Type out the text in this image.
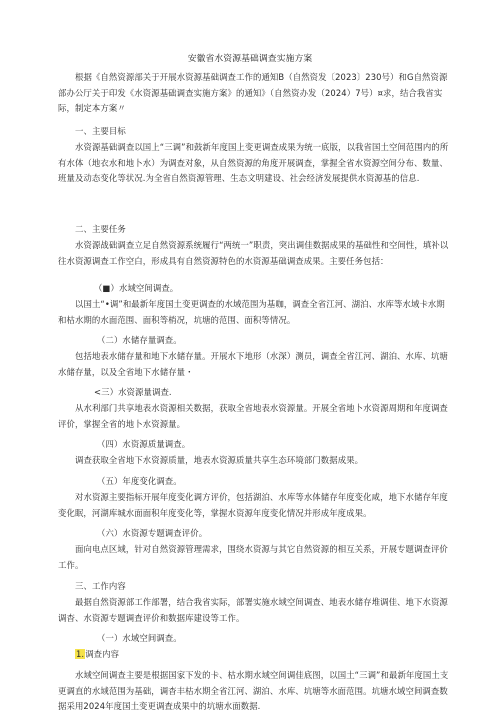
安徽省水资源基础调查实施方案

根据《自然资源部关于开展水资源基础调查工作的通知B（自然资发〔2023〕230号）和G自然资源部办公厅关于印发《水资源基础调查实施方案》的通知》（自然资办发（2024）7号）¤求，结合我省实际，制定本方案〃

一、主要目标

水资源基础调查以国上“三调”和鼓新年度国上变更调查成果为统一底版，以我省国土空间范围内的所有水体（地衣水和地卜水）为调查对象，从自然资源的角度开展调查，掌握全省水资源空间分布、数量、班量及动态变化等状况.为全省自然资源管理、生态文明建设、社会经济发展提供水资源基的信息.

二、主要任务

水资源战础调查立足自然资源系统履行“两统一”职责，突出调佳数据成果的基础性和空间性，填补以往水资源调查工作空白，形成具有自然资源特色的水资源基础调查成果。主要任务包括：

（■）水域空间调查。

以国土“•调”和最新年度国土变更调查的水域范围为基咖，调查全省江河、湖泊、水库等水域卡水期和枯水期的水面范围、面积等梢况，坑塘的范围、面积等情况。

（二）水储存量调查。

包括地表水储存量和地下水储存量。开展水下地形（水深）测员，调查全省江河、湖泊、水库、坑塘水储存量，以及全省地下水储存量・

<三）水资源量调查.

从水利部门共享地表水资源相关数据，获取全省地表水资源量。开展全省地卜水资源周期和年度调查评价，掌握全省的地卜水资源量。

（四）水资源质量调查。

调查获取全省地下水资源质量，地表水资源质量共享生态环境部门数据成果。

（五）年度变化调查。

对水资源主要指标开展年度变化调方评价，包括湖泊、水库等水体储存年度变化咸，地下水储存年度变化眠，河湖库城水面面积年度变化等，掌握水资源年度变化情况并形成年度成果。

（六）水资源专题调查评价。

面向电点区域，针对自然资源管理需求，围绕水资源与其它自然资源的相互关系，开展专题调查评价工作。

三、工作内容

最据自然资源部工作部署，结合我省实际，部署实施水域空间调查、地表水储存堆调佳、地下水资源调杳、水资源专题调査评价和数据库建设等工作。

（一）水域空间调查。

1.调查内容

水域空间调查主要是根据国家下发的卡、枯水期水域空间调佳底图，以国土“三调”和最新年度国土支更调直的水域范围为基础，调杳丰枯水期全省江河、湖泊、水库、坑塘等水面范围。坑塘水域空间调查数据采用2024年度国土变更调査成果中的坑塘水面数据.
